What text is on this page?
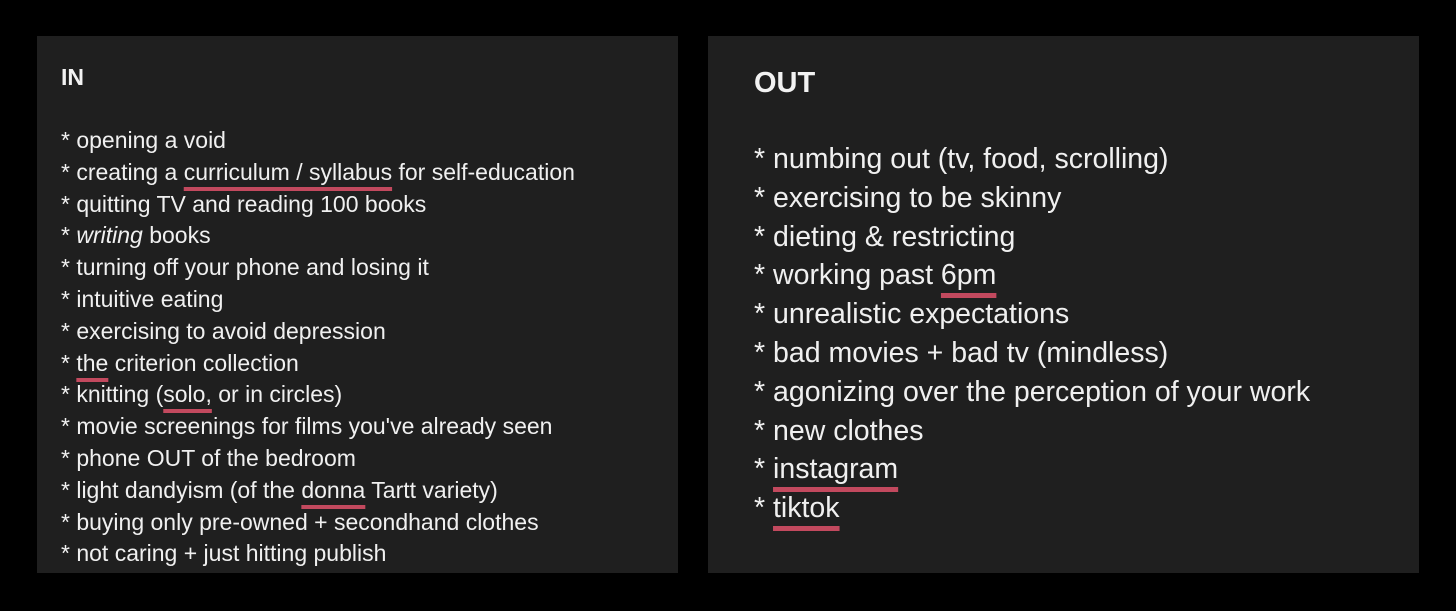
IN
* opening a void
* creating a curriculum / syllabus for self-education
* quitting TV and reading 100 books
* writing books
* turning off your phone and losing it
* intuitive eating
* exercising to avoid depression
* the criterion collection
* knitting (solo, or in circles)
* movie screenings for films you've already seen
* phone OUT of the bedroom
* light dandyism (of the donna Tartt variety)
* buying only pre-owned + secondhand clothes
* not caring + just hitting publish
OUT
* numbing out (tv, food, scrolling)
* exercising to be skinny
* dieting & restricting
* working past 6pm
* unrealistic expectations
* bad movies + bad tv (mindless)
* agonizing over the perception of your work
* new clothes
* instagram
* tiktok
